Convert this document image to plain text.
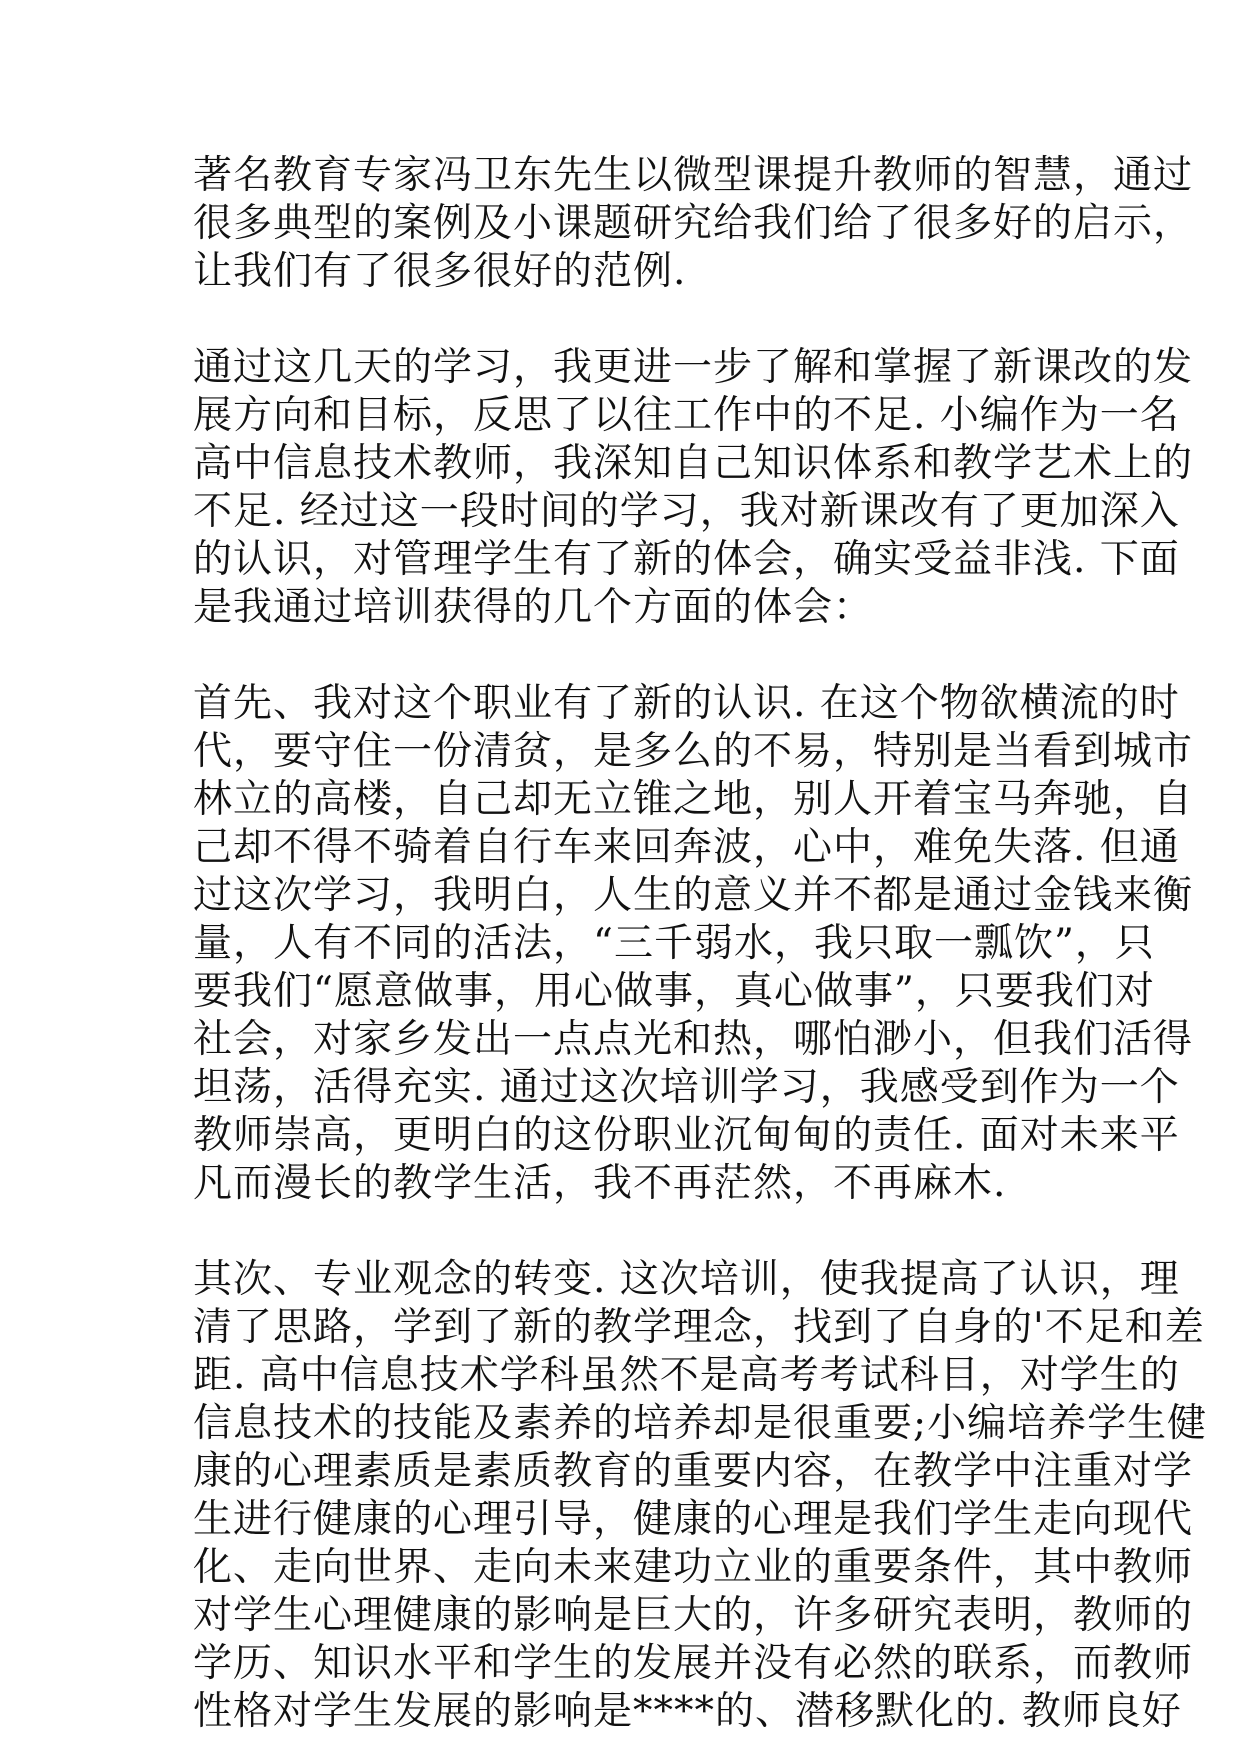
著名教育专家冯卫东先生以微型课提升教师的智慧，通过
很多典型的案例及小课题研究给我们给了很多好的启示，
让我们有了很多很好的范例.
通过这几天的学习，我更进一步了解和掌握了新课改的发
展方向和目标，反思了以往工作中的不足. 小编作为一名
高中信息技术教师，我深知自己知识体系和教学艺术上的
不足. 经过这一段时间的学习，我对新课改有了更加深入
的认识，对管理学生有了新的体会，确实受益非浅. 下面
是我通过培训获得的几个方面的体会：
首先、我对这个职业有了新的认识. 在这个物欲横流的时
代，要守住一份清贫，是多么的不易，特别是当看到城市
林立的高楼，自己却无立锥之地，别人开着宝马奔驰，自
己却不得不骑着自行车来回奔波，心中，难免失落. 但通
过这次学习，我明白，人生的意义并不都是通过金钱来衡
量，人有不同的活法，“三千弱水，我只取一瓢饮”，只
要我们“愿意做事，用心做事，真心做事”，只要我们对
社会，对家乡发出一点点光和热，哪怕渺小，但我们活得
坦荡，活得充实. 通过这次培训学习，我感受到作为一个
教师崇高，更明白的这份职业沉甸甸的责任. 面对未来平
凡而漫长的教学生活，我不再茫然，不再麻木.
其次、专业观念的转变. 这次培训，使我提高了认识，理
清了思路，学到了新的教学理念，找到了自身的'不足和差
距. 高中信息技术学科虽然不是高考考试科目，对学生的
信息技术的技能及素养的培养却是很重要;小编培养学生健
康的心理素质是素质教育的重要内容，在教学中注重对学
生进行健康的心理引导，健康的心理是我们学生走向现代
化、走向世界、走向未来建功立业的重要条件，其中教师
对学生心理健康的影响是巨大的，许多研究表明，教师的
学历、知识水平和学生的发展并没有必然的联系，而教师
性格对学生发展的影响是****的、潜移默化的. 教师良好
